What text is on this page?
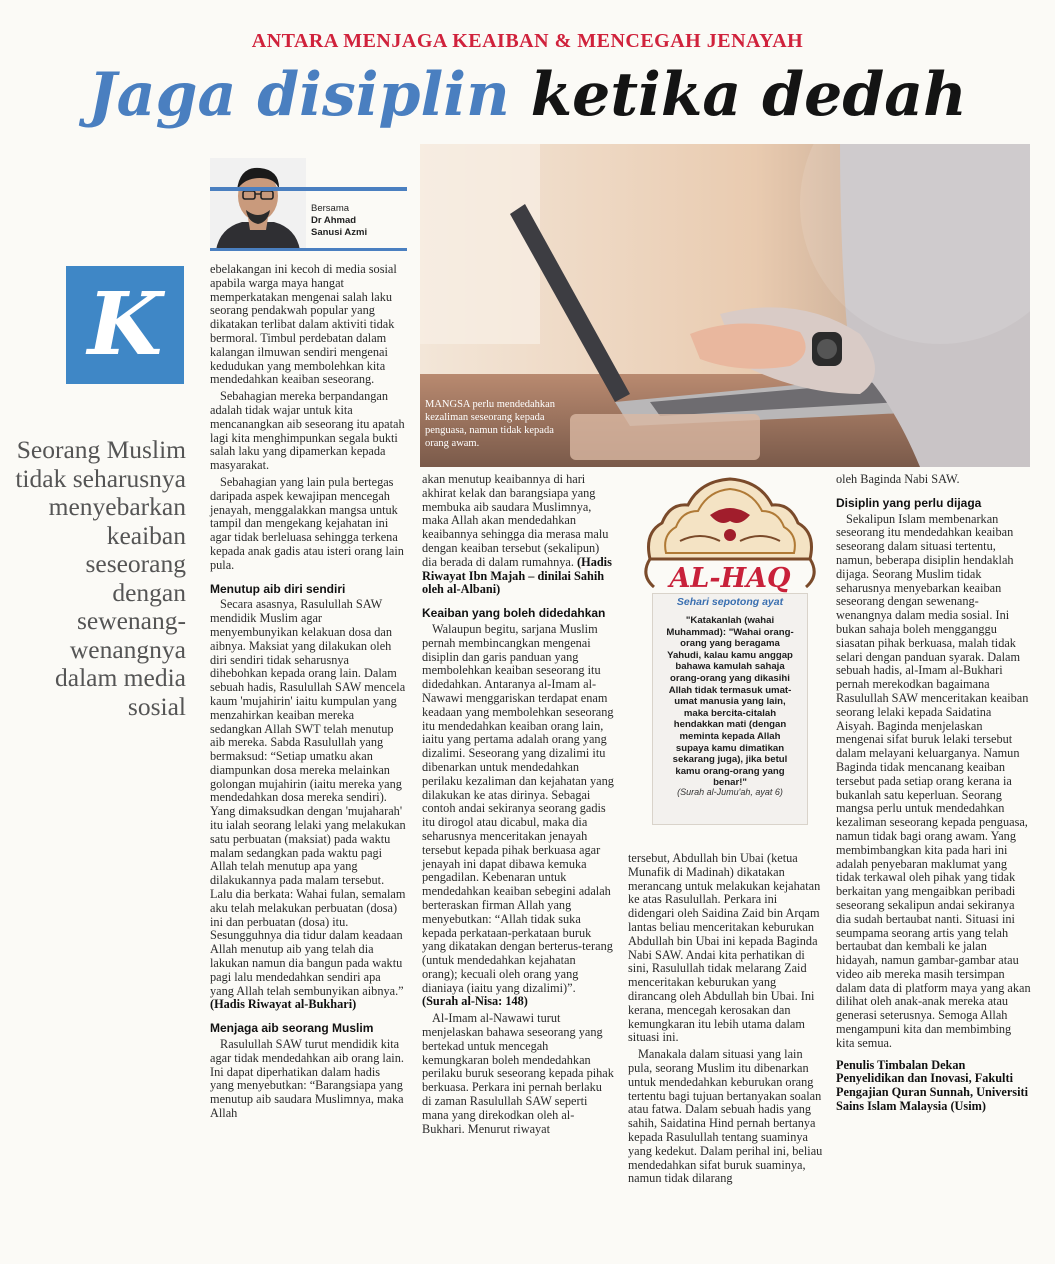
ANTARA MENJAGA KEAIBAN & MENCEGAH JENAYAH
Jaga disiplin ketika dedah
Bersama

Dr Ahmad
Sanusi Azmi
K
Seorang Muslim tidak seharusnya menyebarkan keaiban seseorang dengan sewenang-wenangnya dalam media sosial
MANGSA perlu mendedahkan kezaliman seseorang kepada penguasa, namun tidak kepada orang awam.

ebelakangan ini kecoh di media sosial apabila warga maya hangat memperkatakan mengenai salah laku seorang pendakwah popular yang dikatakan terlibat dalam aktiviti tidak bermoral. Timbul perdebatan dalam kalangan ilmuwan sendiri mengenai kedudukan yang membolehkan kita mendedahkan keaiban seseorang.

Sebahagian mereka berpandangan adalah tidak wajar untuk kita mencanangkan aib seseorang itu apatah lagi kita menghimpunkan segala bukti salah laku yang dipamerkan kepada masyarakat.

Sebahagian yang lain pula bertegas daripada aspek kewajipan mencegah jenayah, menggalakkan mangsa untuk tampil dan mengekang kejahatan ini agar tidak berleluasa sehingga terkena kepada anak gadis atau isteri orang lain pula.

Menutup aib diri sendiri

Secara asasnya, Rasulullah SAW mendidik Muslim agar menyembunyikan kelakuan dosa dan aibnya. Maksiat yang dilakukan oleh diri sendiri tidak seharusnya dihebohkan kepada orang lain. Dalam sebuah hadis, Rasulullah SAW mencela kaum 'mujahirin' iaitu kumpulan yang menzahirkan keaiban mereka sedangkan Allah SWT telah menutup aib mereka. Sabda Rasulullah yang bermaksud: “Setiap umatku akan diampunkan dosa mereka melainkan golongan mujahirin (iaitu mereka yang mendedahkan dosa mereka sendiri). Yang dimaksudkan dengan 'mujaharah' itu ialah seorang lelaki yang melakukan satu perbuatan (maksiat) pada waktu malam sedangkan pada waktu pagi Allah telah menutup apa yang dilakukannya pada malam tersebut. Lalu dia berkata: Wahai fulan, semalam aku telah melakukan perbuatan (dosa) ini dan perbuatan (dosa) itu. Sesungguhnya dia tidur dalam keadaan Allah menutup aib yang telah dia lakukan namun dia bangun pada waktu pagi lalu mendedahkan sendiri apa yang Allah telah sembunyikan aibnya.” (Hadis Riwayat al-Bukhari)

Menjaga aib seorang Muslim

Rasulullah SAW turut mendidik kita agar tidak mendedahkan aib orang lain. Ini dapat diperhatikan dalam hadis yang menyebutkan: “Barangsiapa yang menutup aib saudara Muslimnya, maka Allah

akan menutup keaibannya di hari akhirat kelak dan barangsiapa yang membuka aib saudara Muslimnya, maka Allah akan mendedahkan keaibannya sehingga dia merasa malu dengan keaiban tersebut (sekalipun) dia berada di dalam rumahnya. (Hadis Riwayat Ibn Majah – dinilai Sahih oleh al-Albani)

Keaiban yang boleh didedahkan

Walaupun begitu, sarjana Muslim pernah membincangkan mengenai disiplin dan garis panduan yang membolehkan keaiban seseorang itu didedahkan. Antaranya al-Imam al-Nawawi menggariskan terdapat enam keadaan yang membolehkan seseorang itu mendedahkan keaiban orang lain, iaitu yang pertama adalah orang yang dizalimi. Seseorang yang dizalimi itu dibenarkan untuk mendedahkan perilaku kezaliman dan kejahatan yang dilakukan ke atas dirinya. Sebagai contoh andai sekiranya seorang gadis itu dirogol atau dicabul, maka dia seharusnya menceritakan jenayah tersebut kepada pihak berkuasa agar jenayah ini dapat dibawa kemuka pengadilan. Kebenaran untuk mendedahkan keaiban sebegini adalah berteraskan firman Allah yang menyebutkan: “Allah tidak suka kepada perkataan-perkataan buruk yang dikatakan dengan berterus-terang (untuk mendedahkan kejahatan orang); kecuali oleh orang yang dianiaya (iaitu yang dizalimi)”. (Surah al-Nisa: 148)

Al-Imam al-Nawawi turut menjelaskan bahawa seseorang yang bertekad untuk mencegah kemungkaran boleh mendedahkan perilaku buruk seseorang kepada pihak berkuasa. Perkara ini pernah berlaku di zaman Rasulullah SAW seperti mana yang direkodkan oleh al-Bukhari. Menurut riwayat

AL-HAQ
Sehari sepotong ayat
"Katakanlah (wahai Muhammad): "Wahai orang-orang yang beragama Yahudi, kalau kamu anggap bahawa kamulah sahaja orang-orang yang dikasihi Allah tidak termasuk umat-umat manusia yang lain, maka bercita-citalah hendakkan mati (dengan meminta kepada Allah supaya kamu dimatikan sekarang juga), jika betul kamu orang-orang yang benar!"
(Surah al-Jumu'ah, ayat 6)

tersebut, Abdullah bin Ubai (ketua Munafik di Madinah) dikatakan merancang untuk melakukan kejahatan ke atas Rasulullah. Perkara ini didengari oleh Saidina Zaid bin Arqam lantas beliau menceritakan keburukan Abdullah bin Ubai ini kepada Baginda Nabi SAW. Andai kita perhatikan di sini, Rasulullah tidak melarang Zaid menceritakan keburukan yang dirancang oleh Abdullah bin Ubai. Ini kerana, mencegah kerosakan dan kemungkaran itu lebih utama dalam situasi ini.

Manakala dalam situasi yang lain pula, seorang Muslim itu dibenarkan untuk mendedahkan keburukan orang tertentu bagi tujuan bertanyakan soalan atau fatwa. Dalam sebuah hadis yang sahih, Saidatina Hind pernah bertanya kepada Rasulullah tentang suaminya yang kedekut. Dalam perihal ini, beliau mendedahkan sifat buruk suaminya, namun tidak dilarang

oleh Baginda Nabi SAW.

Disiplin yang perlu dijaga

Sekalipun Islam membenarkan seseorang itu mendedahkan keaiban seseorang dalam situasi tertentu, namun, beberapa disiplin hendaklah dijaga. Seorang Muslim tidak seharusnya menyebarkan keaiban seseorang dengan sewenang-wenangnya dalam media sosial. Ini bukan sahaja boleh mengganggu siasatan pihak berkuasa, malah tidak selari dengan panduan syarak. Dalam sebuah hadis, al-Imam al-Bukhari pernah merekodkan bagaimana Rasulullah SAW menceritakan keaiban seorang lelaki kepada Saidatina Aisyah. Baginda menjelaskan mengenai sifat buruk lelaki tersebut dalam melayani keluarganya. Namun Baginda tidak mencanang keaiban tersebut pada setiap orang kerana ia bukanlah satu keperluan. Seorang mangsa perlu untuk mendedahkan kezaliman seseorang kepada penguasa, namun tidak bagi orang awam. Yang membimbangkan kita pada hari ini adalah penyebaran maklumat yang tidak terkawal oleh pihak yang tidak berkaitan yang mengaibkan peribadi seseorang sekalipun andai sekiranya dia sudah bertaubat nanti. Situasi ini seumpama seorang artis yang telah bertaubat dan kembali ke jalan hidayah, namun gambar-gambar atau video aib mereka masih tersimpan dalam data di platform maya yang akan dilihat oleh anak-anak mereka atau generasi seterusnya. Semoga Allah mengampuni kita dan membimbing kita semua.

Penulis Timbalan Dekan Penyelidikan dan Inovasi, Fakulti Pengajian Quran Sunnah, Universiti Sains Islam Malaysia (Usim)
